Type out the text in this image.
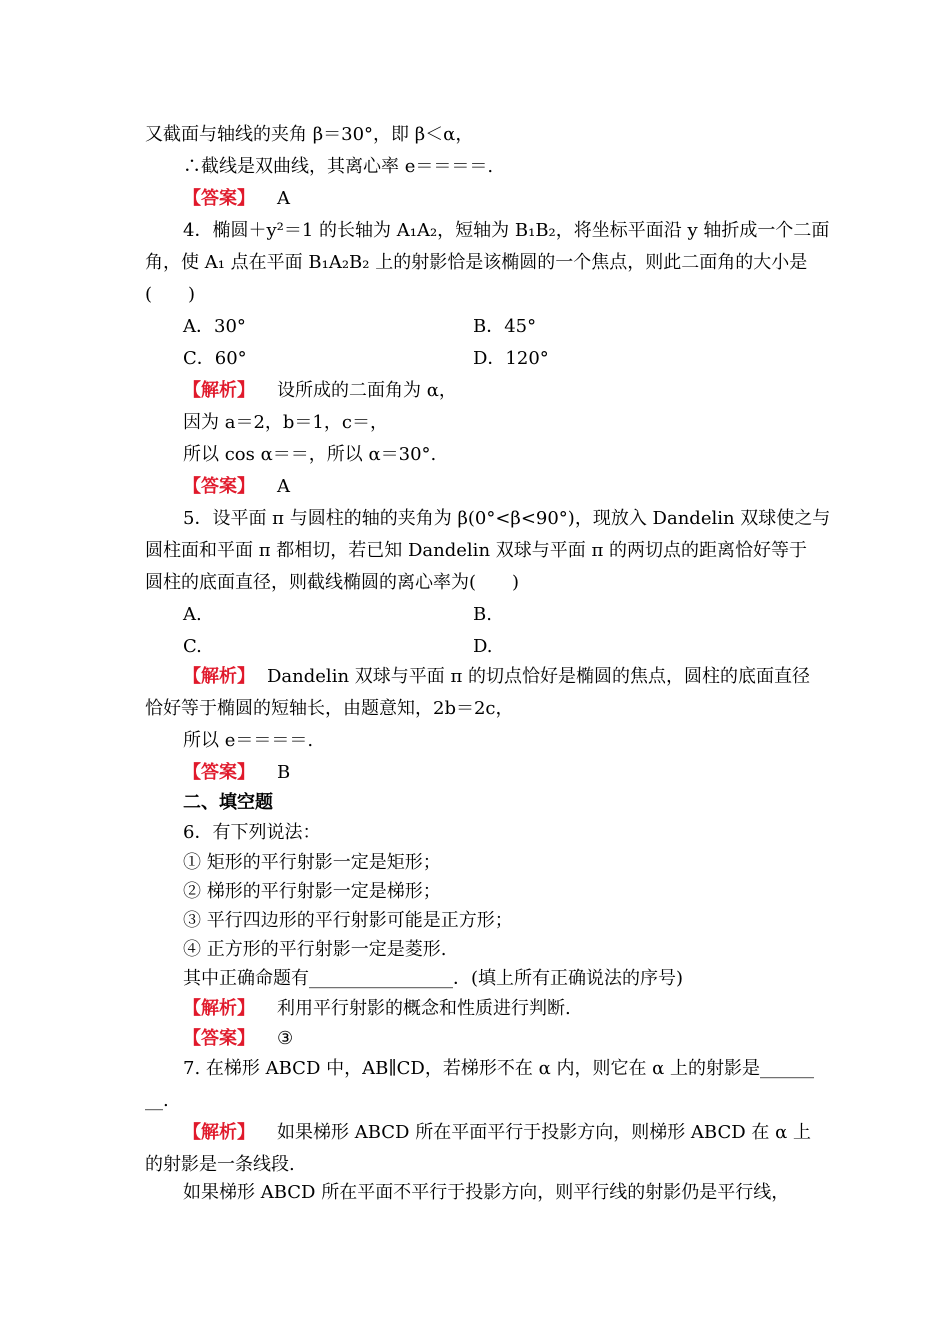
又截面与轴线的夹角 β＝30°，即 β＜α，
∴截线是双曲线，其离心率 e＝＝＝＝.
【答案】 A
4．椭圆＋y²＝1 的长轴为 A₁A₂，短轴为 B₁B₂，将坐标平面沿 y 轴折成一个二面
角，使 A₁ 点在平面 B₁A₂B₂ 上的射影恰是该椭圆的一个焦点，则此二面角的大小是
(　　)
A．30°	B．45°
C．60°	D．120°
【解析】 设所成的二面角为 α，
因为 a＝2，b＝1，c＝，
所以 cos α＝＝，所以 α＝30°.
【答案】 A
5．设平面 π 与圆柱的轴的夹角为 β(0°<β<90°)，现放入 Dandelin 双球使之与
圆柱面和平面 π 都相切，若已知 Dandelin 双球与平面 π 的两切点的距离恰好等于
圆柱的底面直径，则截线椭圆的离心率为(　　)
A.	B.
C.	D.
【解析】 Dandelin 双球与平面 π 的切点恰好是椭圆的焦点，圆柱的底面直径
恰好等于椭圆的短轴长，由题意知，2b＝2c，
所以 e＝＝＝＝.
【答案】 B
二、填空题
6．有下列说法：
① 矩形的平行射影一定是矩形；
② 梯形的平行射影一定是梯形；
③ 平行四边形的平行射影可能是正方形；
④ 正方形的平行射影一定是菱形.
其中正确命题有________________．(填上所有正确说法的序号)
【解析】 利用平行射影的概念和性质进行判断.
【答案】 ③
7. 在梯形 ABCD 中，AB∥CD，若梯形不在 α 内，则它在 α 上的射影是______
__.
【解析】 如果梯形 ABCD 所在平面平行于投影方向，则梯形 ABCD 在 α 上
的射影是一条线段.
如果梯形 ABCD 所在平面不平行于投影方向，则平行线的射影仍是平行线，
